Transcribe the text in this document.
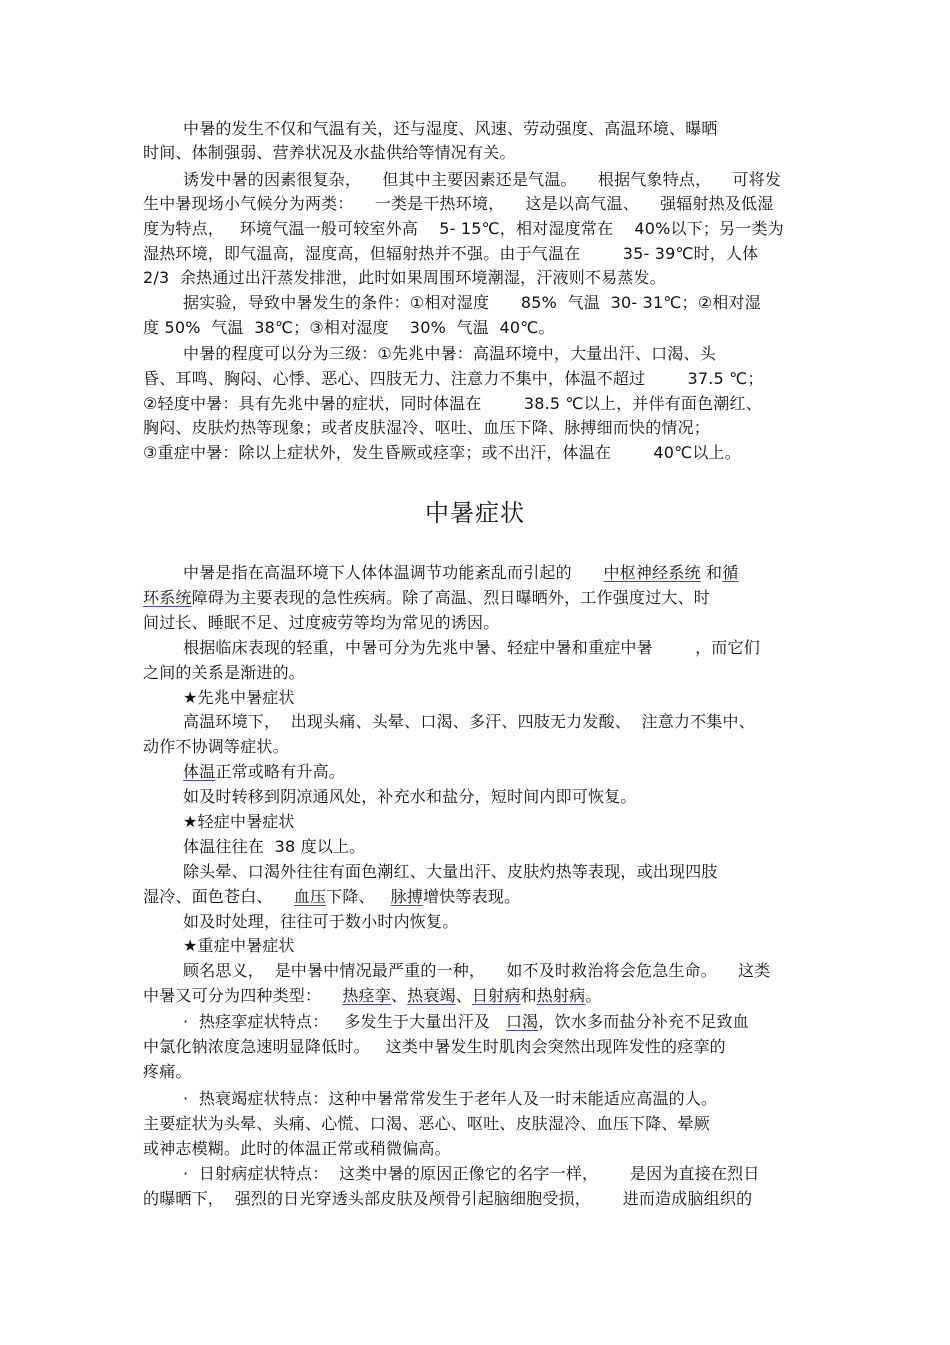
中暑的发生不仅和气温有关，还与湿度、风速、劳动强度、高温环境、曝晒
时间、体制强弱、营养状况及水盐供给等情况有关。
诱发中暑的因素很复杂，    但其中主要因素还是气温。    根据气象特点，    可将发
生中暑现场小气候分为两类：    一类是干热环境，    这是以高气温、    强辐射热及低湿
度为特点，   环境气温一般可较室外高    5- 15℃，相对湿度常在    40%以下；另一类为
湿热环境，即气温高，湿度高，但辐射热并不强。由于气温在        35- 39℃时，人体
2/3  余热通过出汗蒸发排泄，此时如果周围环境潮湿，汗液则不易蒸发。
据实验，导致中暑发生的条件：①相对湿度      85%  气温  30- 31℃；②相对湿
度 50%  气温  38℃；③相对湿度    30%  气温  40℃。
中暑的程度可以分为三级：①先兆中暑：高温环境中，大量出汗、口渴、头
昏、耳鸣、胸闷、心悸、恶心、四肢无力、注意力不集中，体温不超过        37.5 ℃；
②轻度中暑：具有先兆中暑的症状，同时体温在        38.5 ℃以上，并伴有面色潮红、
胸闷、皮肤灼热等现象；或者皮肤湿冷、呕吐、血压下降、脉搏细而快的情况；
③重症中暑：除以上症状外，发生昏厥或痉挛；或不出汗，体温在        40℃以上。
中暑症状
中暑是指在高温环境下人体体温调节功能紊乱而引起的      中枢神经系统 和循
环系统障碍为主要表现的急性疾病。除了高温、烈日曝晒外，工作强度过大、时
间过长、睡眠不足、过度疲劳等均为常见的诱因。
根据临床表现的轻重，中暑可分为先兆中暑、轻症中暑和重症中暑        ，而它们
之间的关系是渐进的。
★先兆中暑症状
高温环境下，  出现头痛、头晕、口渴、多汗、四肢无力发酸、  注意力不集中、
动作不协调等症状。
体温正常或略有升高。
如及时转移到阴凉通风处，补充水和盐分，短时间内即可恢复。
★轻症中暑症状
体温往往在  38 度以上。
除头晕、口渴外往往有面色潮红、大量出汗、皮肤灼热等表现，或出现四肢
湿冷、面色苍白、    血压下降、   脉搏增快等表现。
如及时处理，往往可于数小时内恢复。
★重症中暑症状
顾名思义，  是中暑中情况最严重的一种，    如不及时救治将会危急生命。    这类
中暑又可分为四种类型：    热痉挛、热衰竭、日射病和热射病。
·  热痉挛症状特点：   多发生于大量出汗及   口渴，饮水多而盐分补充不足致血
中氯化钠浓度急速明显降低时。   这类中暑发生时肌肉会突然出现阵发性的痉挛的
疼痛。
·  热衰竭症状特点：这种中暑常常发生于老年人及一时未能适应高温的人。
主要症状为头晕、头痛、心慌、口渴、恶心、呕吐、皮肤湿冷、血压下降、晕厥
或神志模糊。此时的体温正常或稍微偏高。
·  日射病症状特点：  这类中暑的原因正像它的名字一样，      是因为直接在烈日
的曝晒下，  强烈的日光穿透头部皮肤及颅骨引起脑细胞受损，      进而造成脑组织的
